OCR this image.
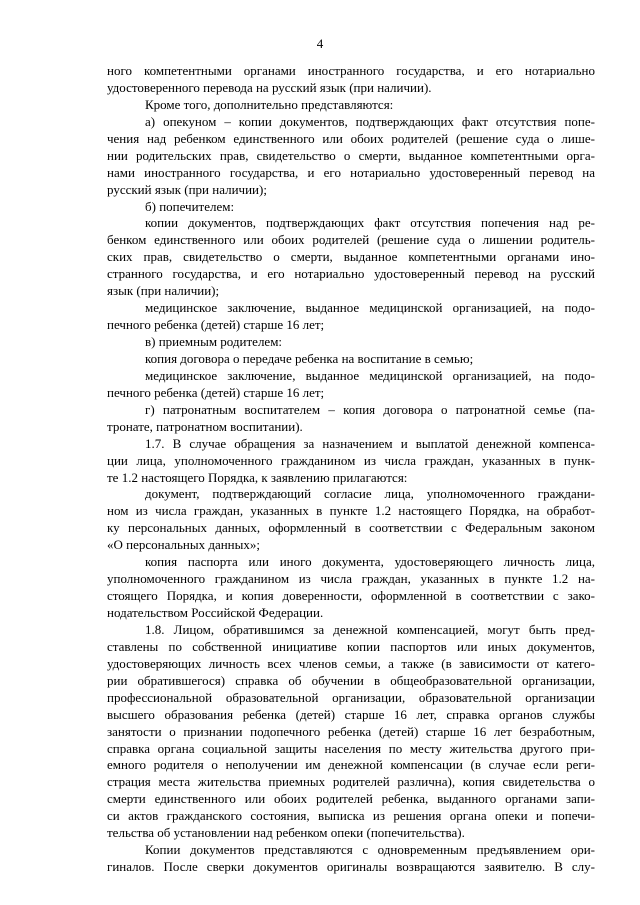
4
ного компетентными органами иностранного государства, и его нотариально
удостоверенного перевода на русский язык (при наличии).
Кроме того, дополнительно представляются:
а) опекуном – копии документов, подтверждающих факт отсутствия попе-
чения над ребенком единственного или обоих родителей (решение суда о лише-
нии родительских прав, свидетельство о смерти, выданное компетентными орга-
нами иностранного государства, и его нотариально удостоверенный перевод на
русский язык (при наличии);
б) попечителем:
копии документов, подтверждающих факт отсутствия попечения над ре-
бенком единственного или обоих родителей (решение суда о лишении родитель-
ских прав, свидетельство о смерти, выданное компетентными органами ино-
странного государства, и его нотариально удостоверенный перевод на русский
язык (при наличии);
медицинское заключение, выданное медицинской организацией, на подо-
печного ребенка (детей) старше 16 лет;
в) приемным родителем:
копия договора о передаче ребенка на воспитание в семью;
медицинское заключение, выданное медицинской организацией, на подо-
печного ребенка (детей) старше 16 лет;
г) патронатным воспитателем – копия договора о патронатной семье (па-
тронате, патронатном воспитании).
1.7. В случае обращения за назначением и выплатой денежной компенса-
ции лица, уполномоченного гражданином из числа граждан, указанных в пунк-
те 1.2 настоящего Порядка, к заявлению прилагаются:
документ, подтверждающий согласие лица, уполномоченного граждани-
ном из числа граждан, указанных в пункте 1.2 настоящего Порядка, на обработ-
ку персональных данных, оформленный в соответствии с Федеральным законом
«О персональных данных»;
копия паспорта или иного документа, удостоверяющего личность лица,
уполномоченного гражданином из числа граждан, указанных в пункте 1.2 на-
стоящего Порядка, и копия доверенности, оформленной в соответствии с зако-
нодательством Российской Федерации.
1.8. Лицом, обратившимся за денежной компенсацией, могут быть пред-
ставлены по собственной инициативе копии паспортов или иных документов,
удостоверяющих личность всех членов семьи, а также (в зависимости от катего-
рии обратившегося) справка об обучении в общеобразовательной организации,
профессиональной образовательной организации, образовательной организации
высшего образования ребенка (детей) старше 16 лет, справка органов службы
занятости о признании подопечного ребенка (детей) старше 16 лет безработным,
справка органа социальной защиты населения по месту жительства другого при-
емного родителя о неполучении им денежной компенсации (в случае если реги-
страция места жительства приемных родителей различна), копия свидетельства о
смерти единственного или обоих родителей ребенка, выданного органами запи-
си актов гражданского состояния, выписка из решения органа опеки и попечи-
тельства об установлении над ребенком опеки (попечительства).
Копии документов представляются с одновременным предъявлением ори-
гиналов. После сверки документов оригиналы возвращаются заявителю. В слу-
